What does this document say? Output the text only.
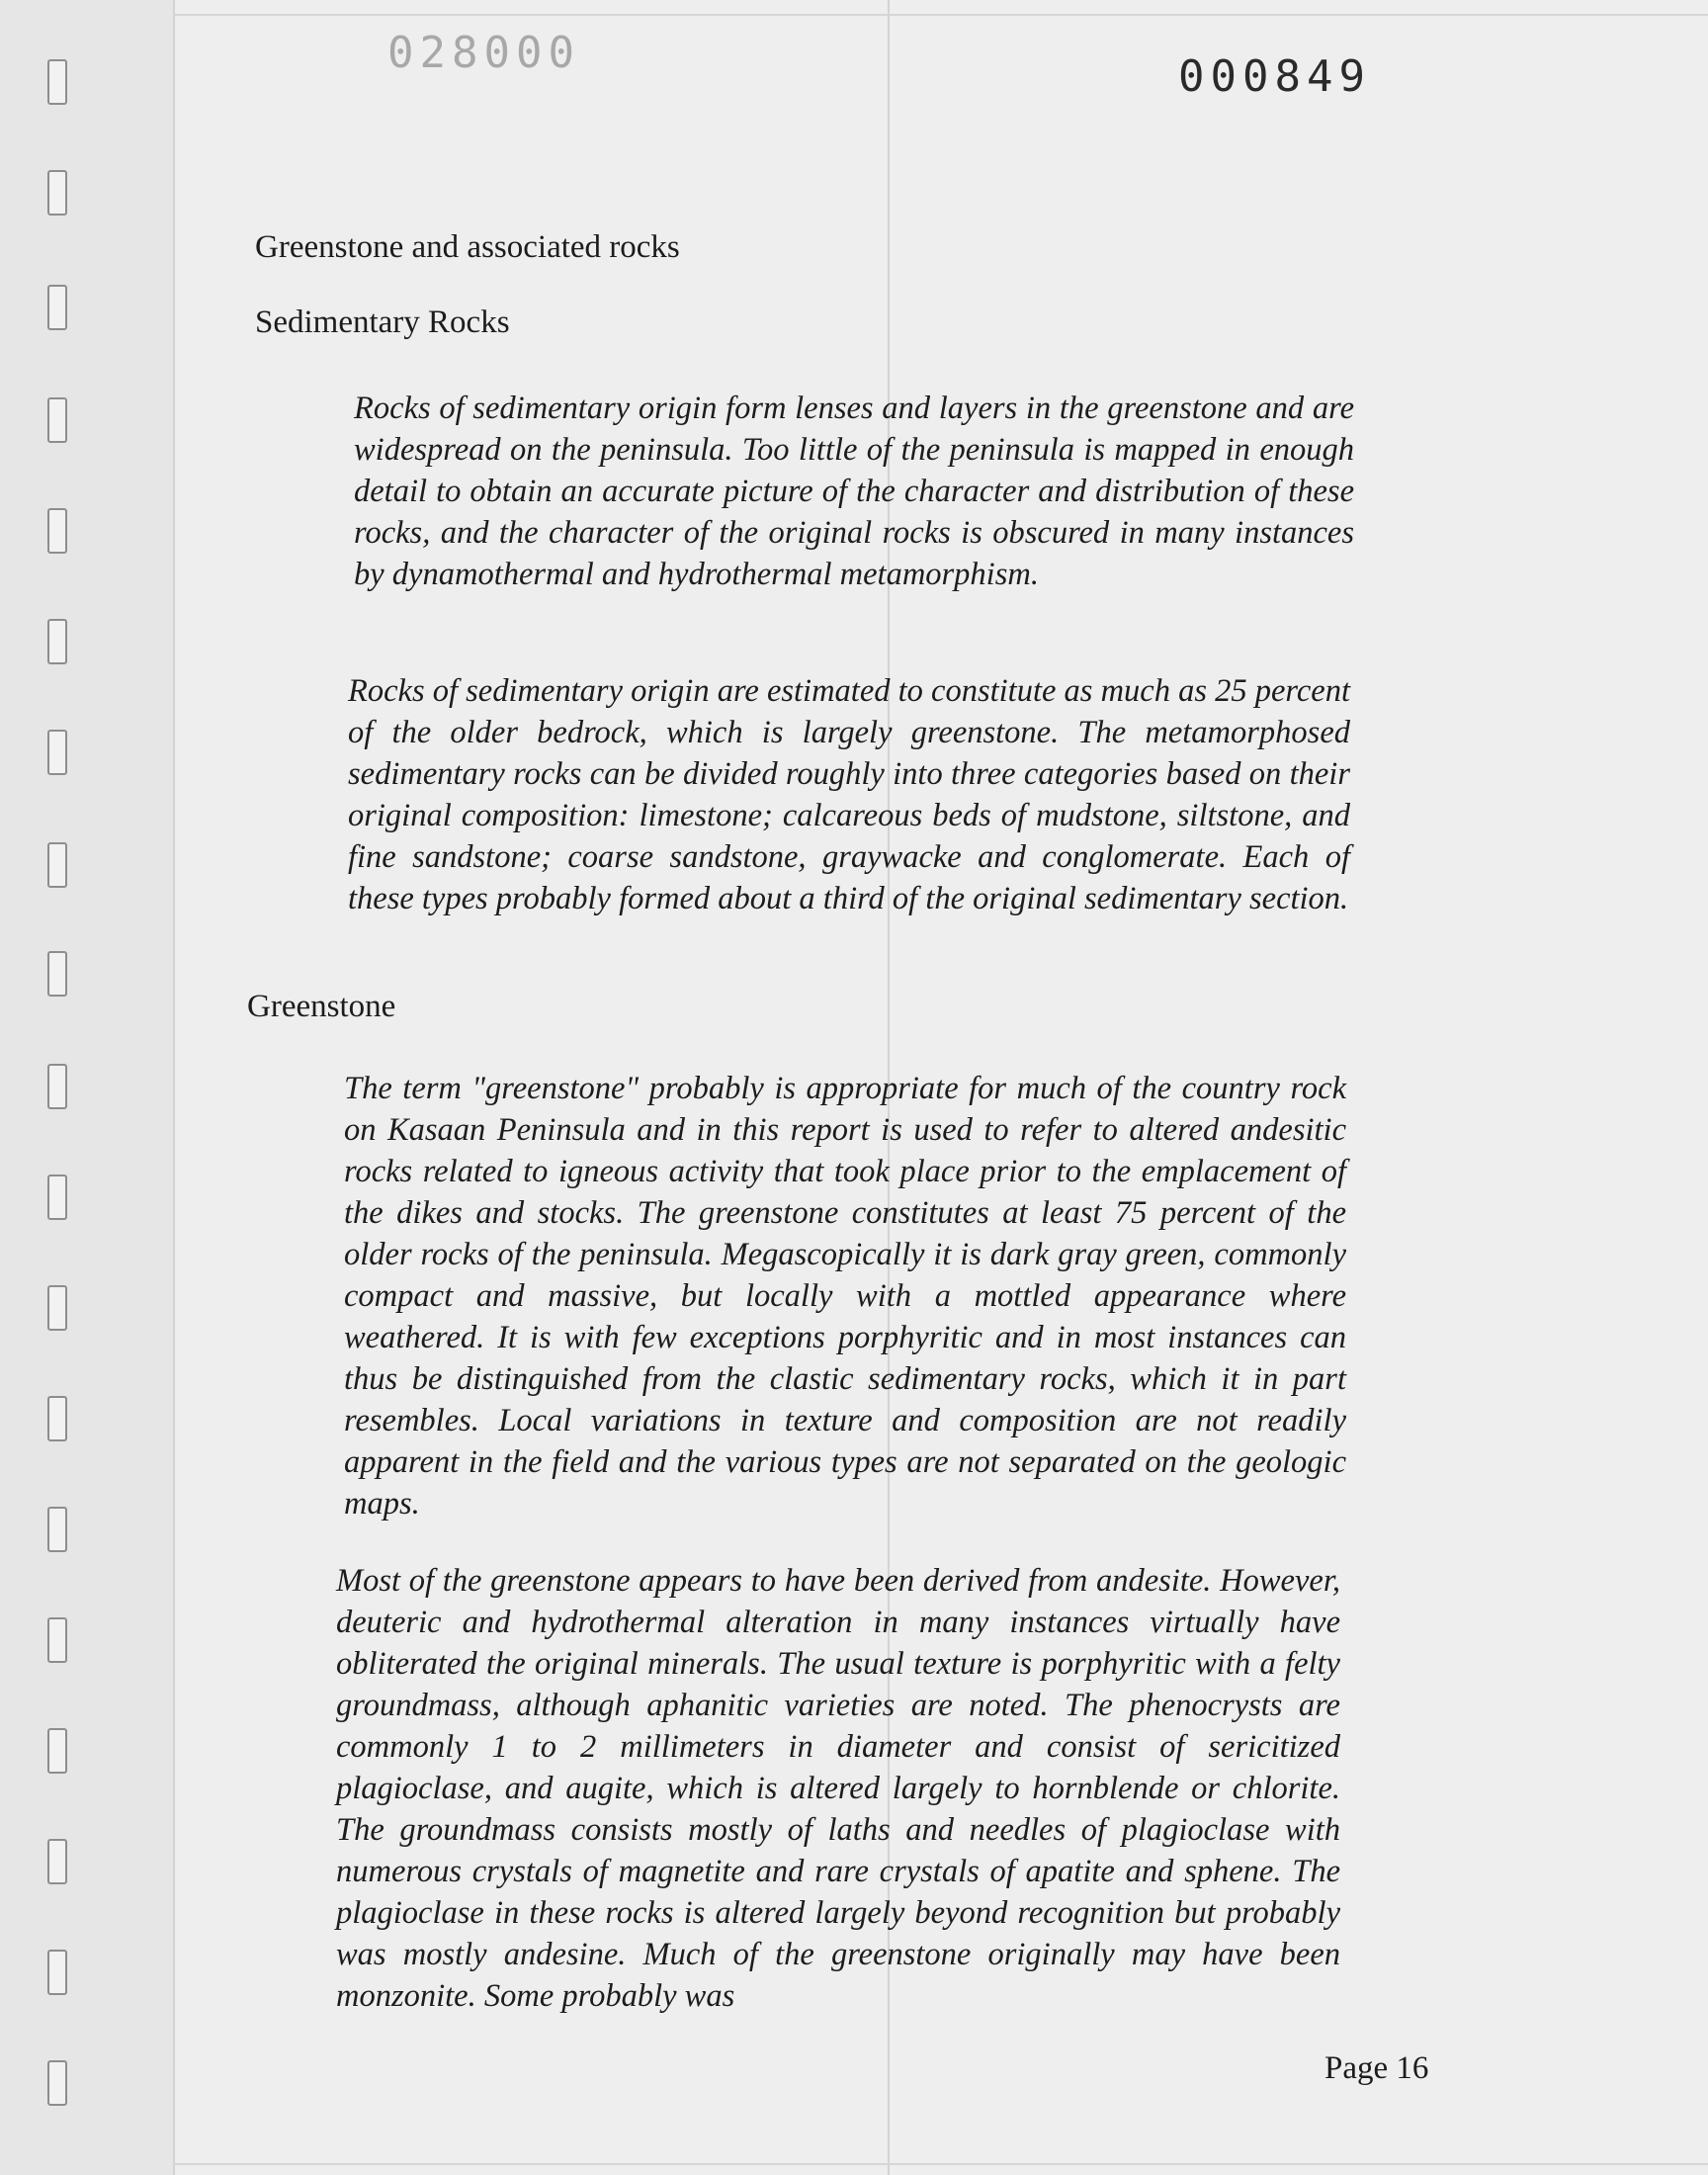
028000	000849
Greenstone and associated rocks
Sedimentary Rocks

Rocks of sedimentary origin form lenses and layers in the greenstone and are widespread on the peninsula. Too little of the peninsula is mapped in enough detail to obtain an accurate picture of the character and distribution of these rocks, and the character of the original rocks is obscured in many instances by dynamothermal and hydrothermal metamorphism.

Rocks of sedimentary origin are estimated to constitute as much as 25 percent of the older bedrock, which is largely greenstone. The metamorphosed sedimentary rocks can be divided roughly into three categories based on their original composition: limestone; calcareous beds of mudstone, siltstone, and fine sandstone; coarse sandstone, graywacke and conglomerate. Each of these types probably formed about a third of the original sedimentary section.

Greenstone

The term "greenstone" probably is appropriate for much of the country rock on Kasaan Peninsula and in this report is used to refer to altered andesitic rocks related to igneous activity that took place prior to the emplacement of the dikes and stocks. The greenstone constitutes at least 75 percent of the older rocks of the peninsula. Megascopically it is dark gray green, commonly compact and massive, but locally with a mottled appearance where weathered. It is with few exceptions porphyritic and in most instances can thus be distinguished from the clastic sedimentary rocks, which it in part resembles. Local variations in texture and composition are not readily apparent in the field and the various types are not separated on the geologic maps.

Most of the greenstone appears to have been derived from andesite. However, deuteric and hydrothermal alteration in many instances virtually have obliterated the original minerals. The usual texture is porphyritic with a felty groundmass, although aphanitic varieties are noted. The phenocrysts are commonly 1 to 2 millimeters in diameter and consist of sericitized plagioclase, and augite, which is altered largely to hornblende or chlorite. The groundmass consists mostly of laths and needles of plagioclase with numerous crystals of magnetite and rare crystals of apatite and sphene. The plagioclase in these rocks is altered largely beyond recognition but probably was mostly andesine. Much of the greenstone originally may have been monzonite. Some probably was

Page 16
